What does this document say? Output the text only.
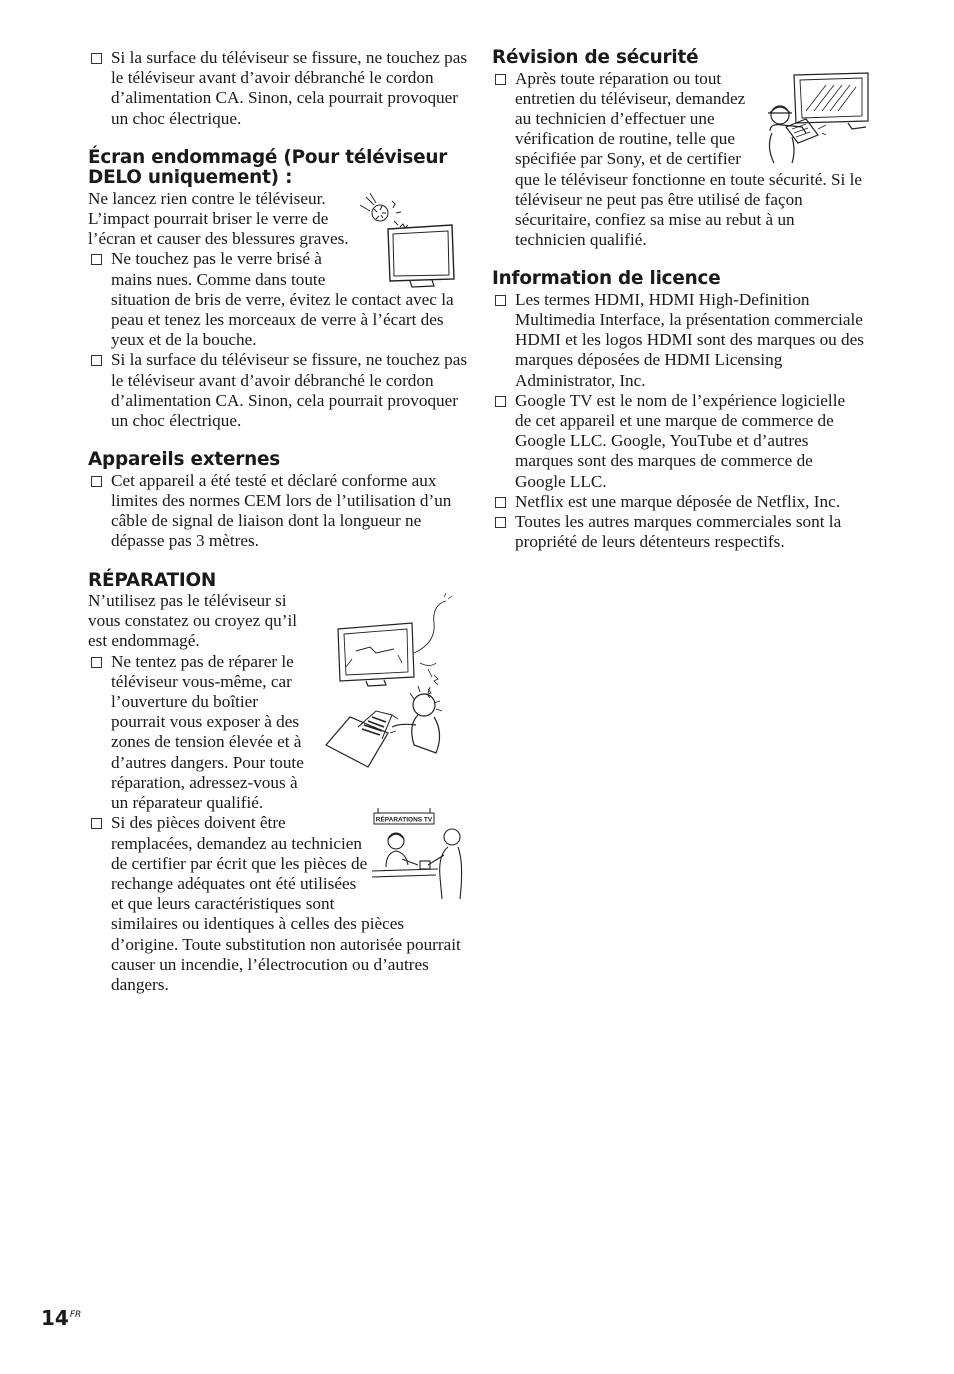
Si la surface du téléviseur se fissure, ne touchez pas le téléviseur avant d’avoir débranché le cordon d’alimentation CA. Sinon, cela pourrait provoquer un choc électrique.
Écran endommagé (Pour téléviseur DELO uniquement) :

Ne lancez rien contre le téléviseur. L’impact pourrait briser le verre de l’écran et causer des blessures graves.

Ne touchez pas le verre brisé à mains nues. Comme dans toute situation de bris de verre, évitez le contact avec la peau et tenez les morceaux de verre à l’écart des yeux et de la bouche.
Si la surface du téléviseur se fissure, ne touchez pas le téléviseur avant d’avoir débranché le cordon d’alimentation CA. Sinon, cela pourrait provoquer un choc électrique.
Appareils externes
Cet appareil a été testé et déclaré conforme aux limites des normes CEM lors de l’utilisation d’un câble de signal de liaison dont la longueur ne dépasse pas 3 mètres.
RÉPARATION

N’utilisez pas le téléviseur si vous constatez ou croyez qu’il est endommagé.

Ne tentez pas de réparer le téléviseur vous-même, car l’ouverture du boîtier pourrait vous exposer à des zones de tension élevée et à d’autres dangers. Pour toute réparation, adressez-vous à un réparateur qualifié.
RÉPARATIONS TV
Si des pièces doivent être remplacées, demandez au technicien de certifier par écrit que les pièces de rechange adéquates ont été utilisées et que leurs caractéristiques sont similaires ou identiques à celles des pièces d’origine. Toute substitution non autorisée pourrait causer un incendie, l’électrocution ou d’autres dangers.
Révision de sécurité
Après toute réparation ou tout entretien du téléviseur, demandez au technicien d’effectuer une vérification de routine, telle que spécifiée par Sony, et de certifier que le téléviseur fonctionne en toute sécurité. Si le téléviseur ne peut pas être utilisé de façon sécuritaire, confiez sa mise au rebut à un technicien qualifié.
Information de licence
Les termes HDMI, HDMI High-Definition Multimedia Interface, la présentation commerciale HDMI et les logos HDMI sont des marques ou des marques déposées de HDMI Licensing Administrator, Inc.
Google TV est le nom de l’expérience logicielle de cet appareil et une marque de commerce de Google LLC. Google, YouTube et d’autres marques sont des marques de commerce de Google LLC.
Netflix est une marque déposée de Netflix, Inc.
Toutes les autres marques commerciales sont la propriété de leurs détenteurs respectifs.
$14^{FR}$
